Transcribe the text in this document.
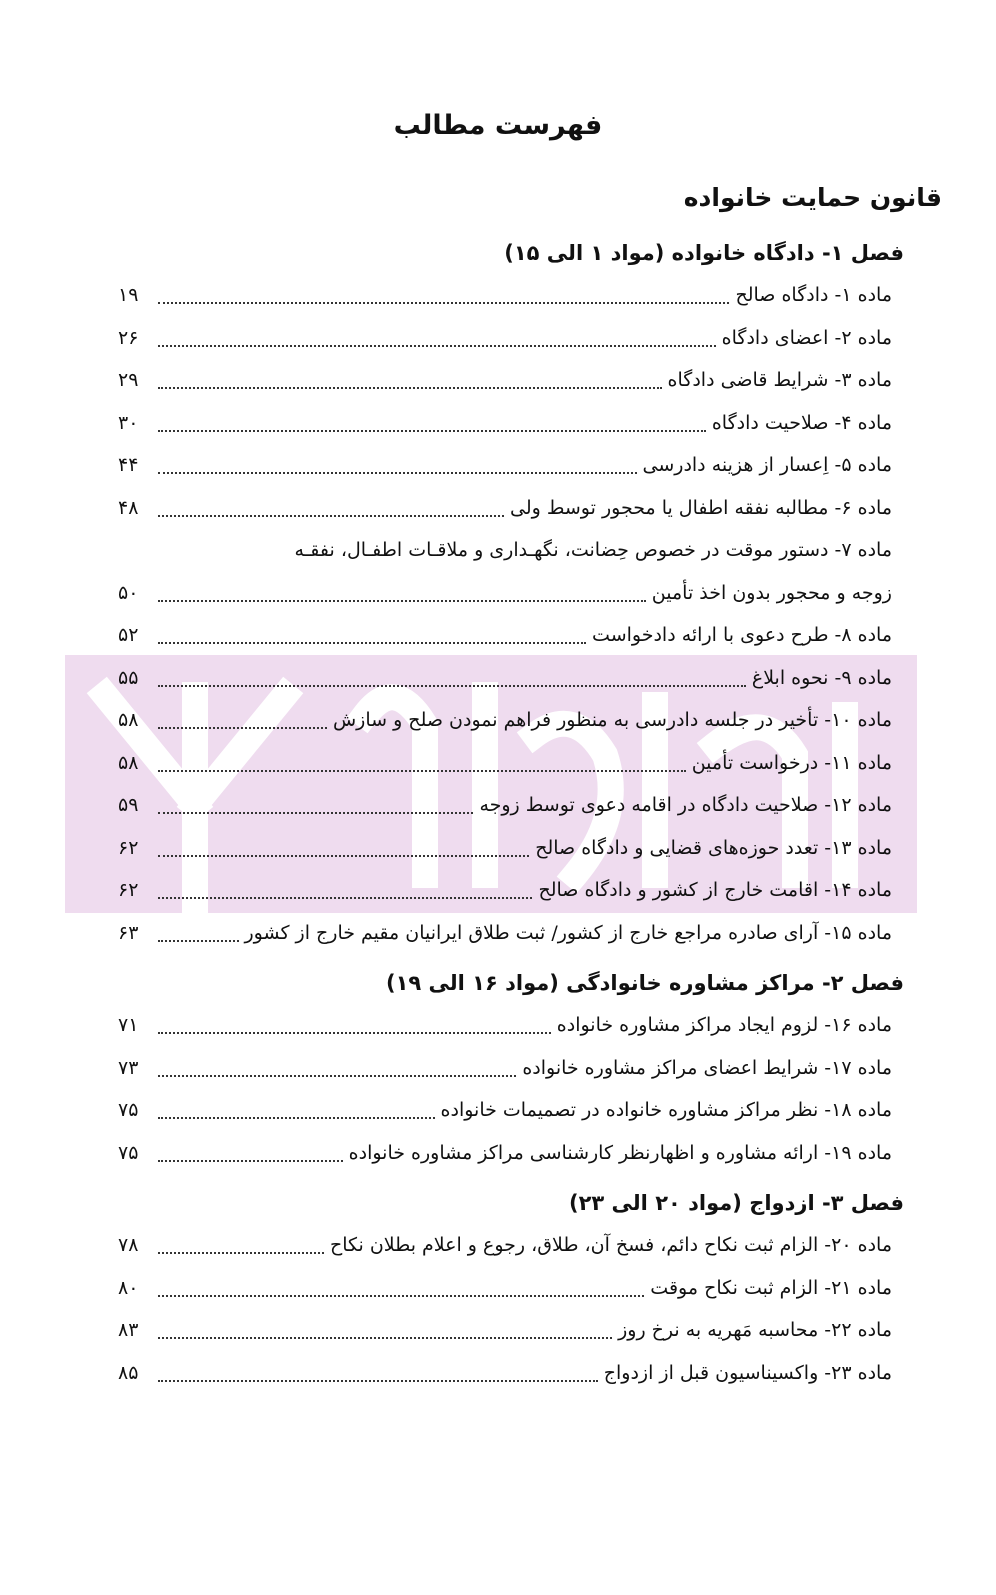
فهرست مطالب
قانون حمایت خانواده
فصل ۱- دادگاه خانواده (مواد ۱ الی ۱۵)
ماده ۱- دادگاه صالح
۱۹
ماده ۲- اعضای دادگاه
۲۶
ماده ۳- شرایط قاضی دادگاه
۲۹
ماده ۴- صلاحیت دادگاه
۳۰
ماده ۵- اِعسار از هزینه دادرسی
۴۴
ماده ۶- مطالبه نفقه اطفال یا محجور توسط ولی
۴۸
ماده ۷- دستور موقت در خصوص حِضانت، نگهـداری و ملاقـات اطفـال، نفقـه
زوجه و محجور بدون اخذ تأمین
۵۰
ماده ۸- طرح دعوی با ارائه دادخواست
۵۲
ماده ۹- نحوه ابلاغ
۵۵
ماده ۱۰- تأخیر در جلسه دادرسی به منظور فراهم نمودن صلح و سازش
۵۸
ماده ۱۱- درخواست تأمین
۵۸
ماده ۱۲- صلاحیت دادگاه در اقامه دعوی توسط زوجه
۵۹
ماده ۱۳- تعدد حوزه‌های قضایی و دادگاه صالح
۶۲
ماده ۱۴- اقامت خارج از کشور و دادگاه صالح
۶۲
ماده ۱۵- آرای صادره مراجع خارج از کشور/ ثبت طلاق ایرانیان مقیم خارج از کشور
۶۳
فصل ۲- مراکز مشاوره خانوادگی (مواد ۱۶ الی ۱۹)
ماده ۱۶- لزوم ایجاد مراکز مشاوره خانواده
۷۱
ماده ۱۷- شرایط اعضای مراکز مشاوره خانواده
۷۳
ماده ۱۸- نظر مراکز مشاوره خانواده در تصمیمات خانواده
۷۵
ماده ۱۹- ارائه مشاوره و اظهارنظر کارشناسی مراکز مشاوره خانواده
۷۵
فصل ۳- ازدواج (مواد ۲۰ الی ۲۳)
ماده ۲۰- الزام ثبت نکاح دائم، فسخ آن، طلاق، رجوع و اعلام بطلان نکاح
۷۸
ماده ۲۱- الزام ثبت نکاح موقت
۸۰
ماده ۲۲- محاسبه مَهریه به نرخ روز
۸۳
ماده ۲۳- واکسیناسیون قبل از ازدواج
۸۵
